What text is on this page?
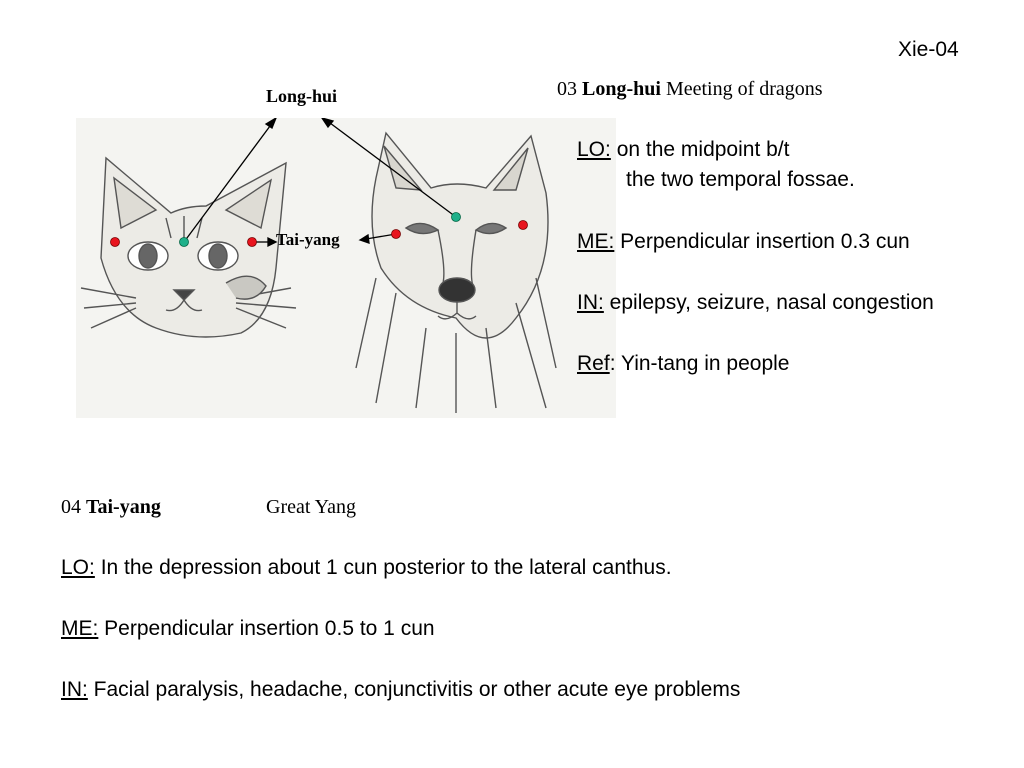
Xie-04
Long-hui
Tai-yang
03 Long-hui Meeting of dragons
LO: on the midpoint b/t
the two temporal fossae.
ME: Perpendicular insertion 0.3 cun
IN: epilepsy, seizure, nasal congestion
Ref: Yin-tang in people
04 Tai-yang	Great Yang
LO: In the depression about 1 cun posterior to the lateral canthus.
ME: Perpendicular insertion 0.5 to 1 cun
IN: Facial paralysis, headache, conjunctivitis or other acute eye problems
